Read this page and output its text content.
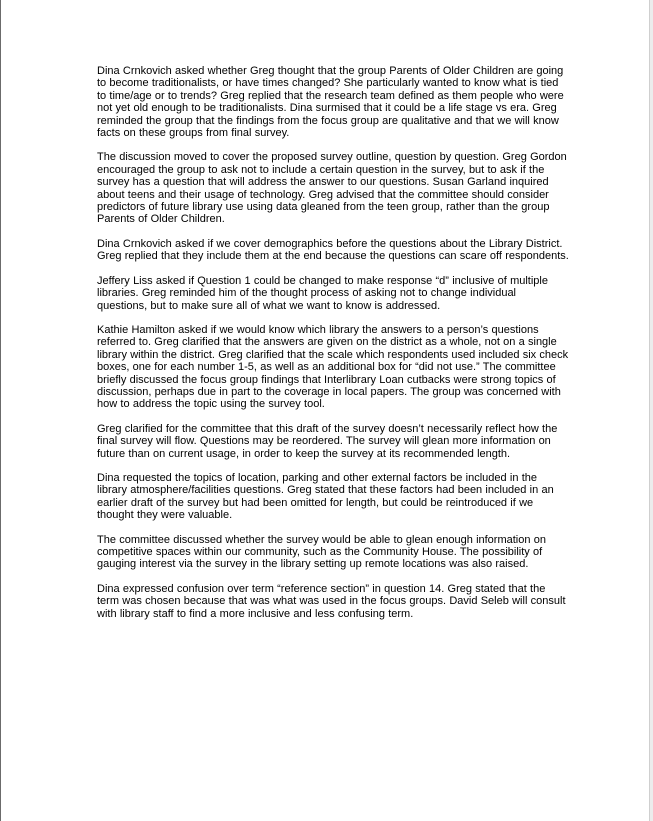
Dina Crnkovich asked whether Greg thought that the group Parents of Older Children are going to become traditionalists, or have times changed? She particularly wanted to know what is tied to time/age or to trends? Greg replied that the research team defined as them people who were not yet old enough to be traditionalists. Dina surmised that it could be a life stage vs era. Greg reminded the group that the findings from the focus group are qualitative and that we will know facts on these groups from final survey.

The discussion moved to cover the proposed survey outline, question by question. Greg Gordon encouraged the group to ask not to include a certain question in the survey, but to ask if the survey has a question that will address the answer to our questions. Susan Garland inquired about teens and their usage of technology. Greg advised that the committee should consider predictors of future library use using data gleaned from the teen group, rather than the group Parents of Older Children.

Dina Crnkovich asked if we cover demographics before the questions about the Library District. Greg replied that they include them at the end because the questions can scare off respondents.

Jeffery Liss asked if Question 1 could be changed to make response “d” inclusive of multiple libraries. Greg reminded him of the thought process of asking not to change individual questions, but to make sure all of what we want to know is addressed.

Kathie Hamilton asked if we would know which library the answers to a person’s questions referred to. Greg clarified that the answers are given on the district as a whole, not on a single library within the district. Greg clarified that the scale which respondents used included six check boxes, one for each number 1-5, as well as an additional box for “did not use.” The committee briefly discussed the focus group findings that Interlibrary Loan cutbacks were strong topics of discussion, perhaps due in part to the coverage in local papers. The group was concerned with how to address the topic using the survey tool.

Greg clarified for the committee that this draft of the survey doesn’t necessarily reflect how the final survey will flow. Questions may be reordered. The survey will glean more information on future than on current usage, in order to keep the survey at its recommended length.

Dina requested the topics of location, parking and other external factors be included in the library atmosphere/facilities questions. Greg stated that these factors had been included in an earlier draft of the survey but had been omitted for length, but could be reintroduced if we thought they were valuable.

The committee discussed whether the survey would be able to glean enough information on competitive spaces within our community, such as the Community House. The possibility of gauging interest via the survey in the library setting up remote locations was also raised.

Dina expressed confusion over term “reference section” in question 14. Greg stated that the term was chosen because that was what was used in the focus groups. David Seleb will consult with library staff to find a more inclusive and less confusing term.
